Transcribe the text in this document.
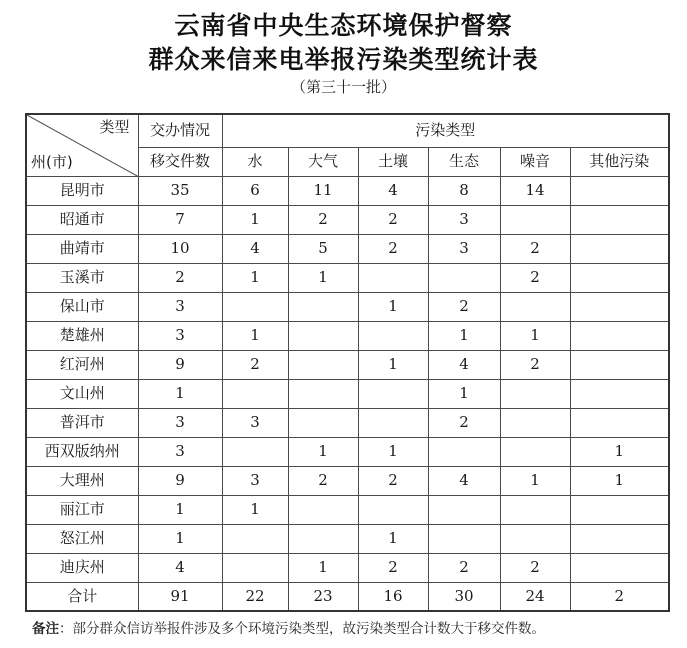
云南省中央生态环境保护督察
群众来信来电举报污染类型统计表
（第三十一批）
类型
州(市)	交办情况	污染类型					
	移交件数	水	大气	土壤	生态	噪音	其他污染
昆明市	35	6	11	4	8	14	
昭通市	7	1	2	2	3		
曲靖市	10	4	5	2	3	2	
玉溪市	2	1	1			2	
保山市	3			1	2		
楚雄州	3	1			1	1	
红河州	9	2		1	4	2	
文山州	1				1		
普洱市	3	3			2		
西双版纳州	3		1	1			1
大理州	9	3	2	2	4	1	1
丽江市	1	1					
怒江州	1			1			
迪庆州	4		1	2	2	2	
合计	91	22	23	16	30	24	2
备注：部分群众信访举报件涉及多个环境污染类型，故污染类型合计数大于移交件数。
